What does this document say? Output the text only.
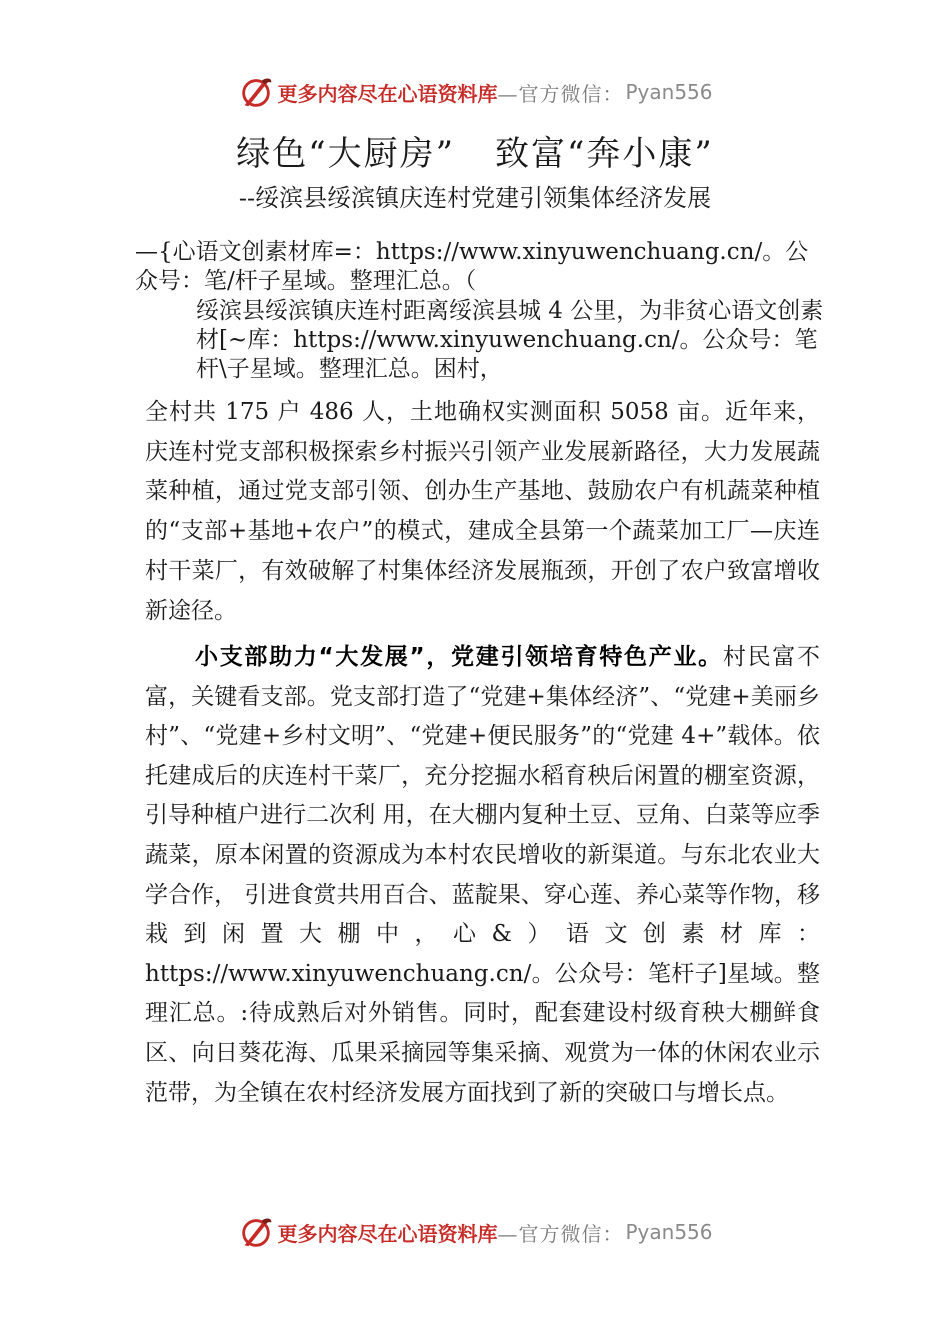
更多内容尽在心语资料库 —官方微信： Pyan556
绿色“大厨房” 致富“奔小康”
--绥滨县绥滨镇庆连村党建引领集体经济发展

—{心语文创素材库=：https://www.xinyuwenchuang.cn/。公众号：笔/杆子星域。整理汇总。（

绥滨县绥滨镇庆连村距离绥滨县城 4 公里，为非贫心语文创素材[~库：https://www.xinyuwenchuang.cn/。公众号：笔杆\子星域。整理汇总。困村，

全村共 175 户 486 人，土地确权实测面积 5058 亩。近年来， 庆连村党支部积极探索乡村振兴引领产业发展新路径，大力发展蔬菜种植，通过党支部引领、创办生产基地、鼓励农户有机蔬菜种植的“支部+基地+农户”的模式，建成全县第一个蔬菜加工厂—庆连村干菜厂，有效破解了村集体经济发展瓶颈，开创了农户致富增收新途径。

小支部助力“大发展”，党建引领培育特色产业。村民富不富，关键看支部。党支部打造了“党建+集体经济”、“党建+美丽乡村”、“党建+乡村文明”、“党建+便民服务”的“党建 4+”载体。依托建成后的庆连村干菜厂，充分挖掘水稻育秧后闲置的棚室资源，引导种植户进行二次利 用，在大棚内复种土豆、豆角、白菜等应季蔬菜，原本闲置的资源成为本村农民增收的新渠道。与东北农业大学合作， 引进食赏共用百合、蓝靛果、穿心莲、养心菜等作物，移栽到闲置大棚中，心&）语文创素材库：https://www.xinyuwenchuang.cn/。公众号：笔杆子]星域。整理汇总。:待成熟后对外销售。同时，配套建设村级育秧大棚鲜食区、向日葵花海、瓜果采摘园等集采摘、观赏为一体的休闲农业示范带，为全镇在农村经济发展方面找到了新的突破口与增长点。

更多内容尽在心语资料库 —官方微信： Pyan556
